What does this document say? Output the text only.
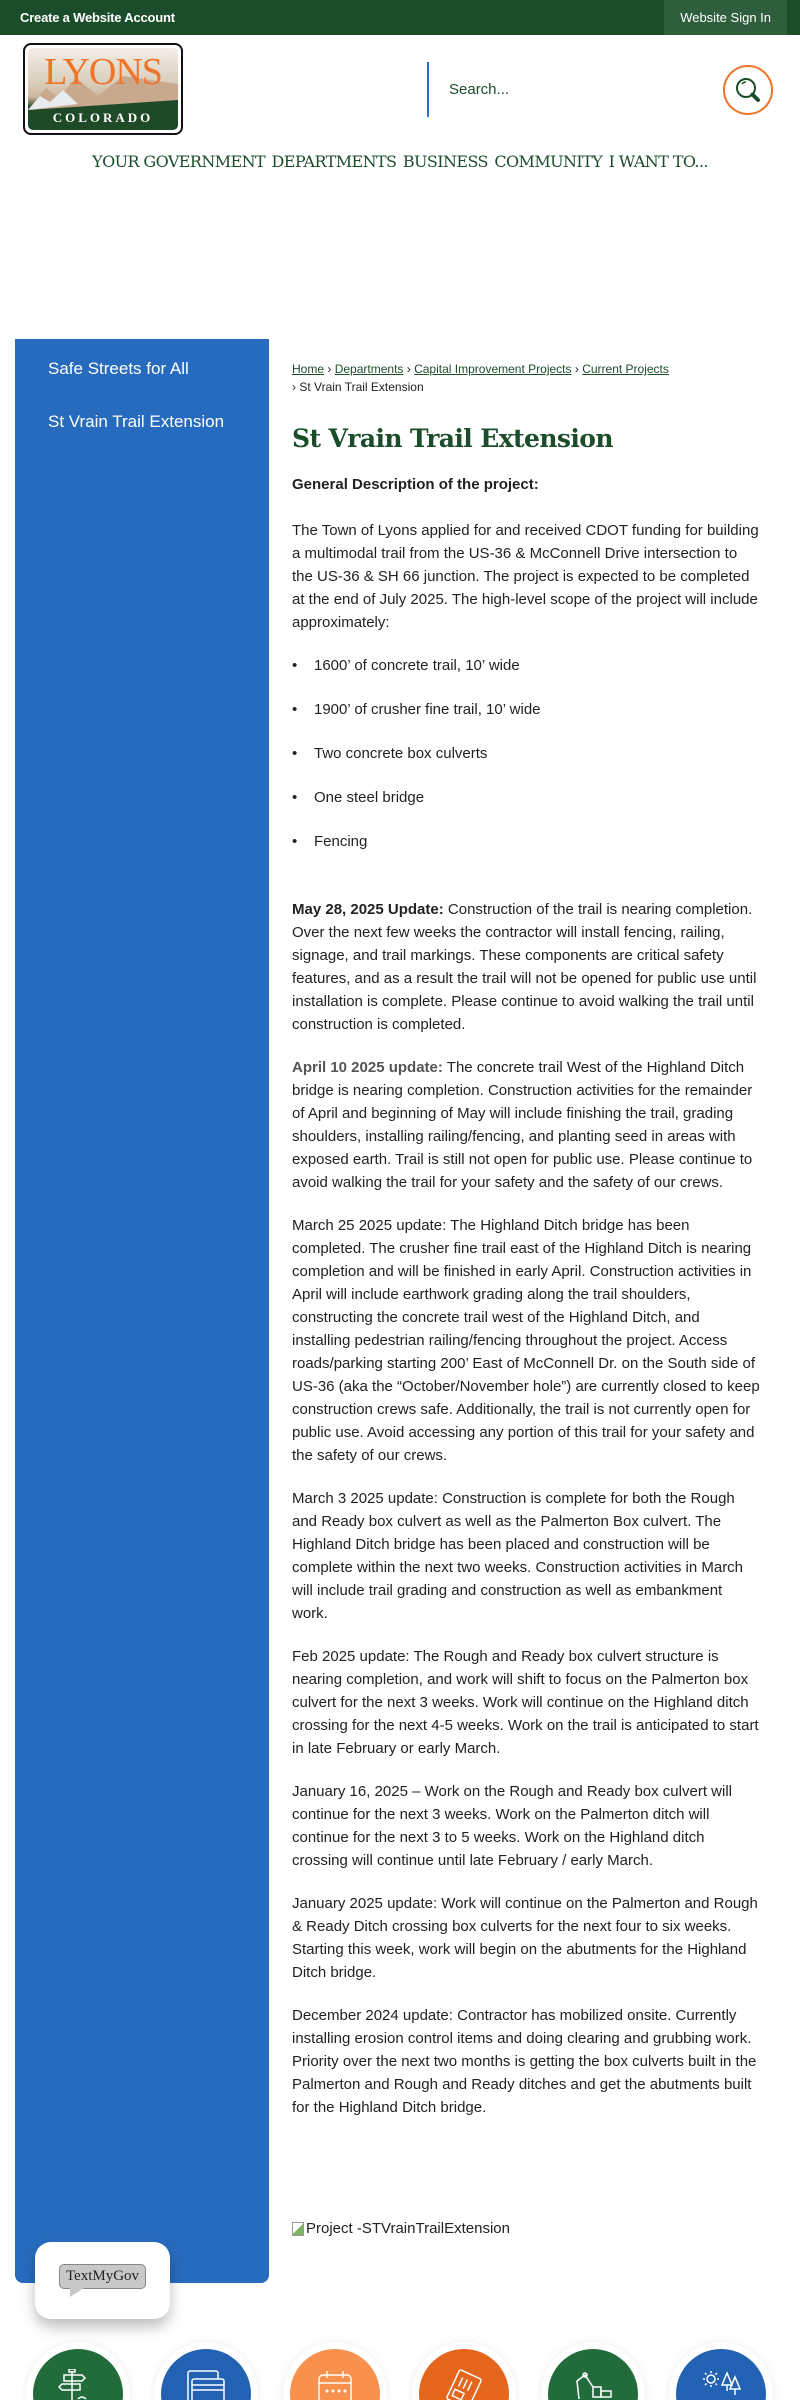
Create a Website Account	Website Sign In
LYONS
COLORADO
Search...
YOUR GOVERNMENT DEPARTMENTS BUSINESS COMMUNITY I WANT TO...
Safe Streets for All
St Vrain Trail Extension
Home › Departments › Capital Improvement Projects › Current Projects
› St Vrain Trail Extension
St Vrain Trail Extension
General Description of the project:

The Town of Lyons applied for and received CDOT funding for building a multimodal trail from the US-36 & McConnell Drive intersection to the US-36 & SH 66 junction. The project is expected to be completed at the end of July 2025. The high-level scope of the project will include approximately:

•	1600’ of concrete trail, 10’ wide
•	1900’ of crusher fine trail, 10’ wide
•	Two concrete box culverts
•	One steel bridge
•	Fencing

May 28, 2025 Update: Construction of the trail is nearing completion. Over the next few weeks the contractor will install fencing, railing, signage, and trail markings. These components are critical safety features, and as a result the trail will not be opened for public use until installation is complete. Please continue to avoid walking the trail until construction is completed.

April 10 2025 update: The concrete trail West of the Highland Ditch bridge is nearing completion. Construction activities for the remainder of April and beginning of May will include finishing the trail, grading shoulders, installing railing/fencing, and planting seed in areas with exposed earth. Trail is still not open for public use. Please continue to avoid walking the trail for your safety and the safety of our crews.

March 25 2025 update: The Highland Ditch bridge has been completed. The crusher fine trail east of the Highland Ditch is nearing completion and will be finished in early April. Construction activities in April will include earthwork grading along the trail shoulders, constructing the concrete trail west of the Highland Ditch, and installing pedestrian railing/fencing throughout the project. Access roads/parking starting 200’ East of McConnell Dr. on the South side of US-36 (aka the “October/November hole”) are currently closed to keep construction crews safe. Additionally, the trail is not currently open for public use. Avoid accessing any portion of this trail for your safety and the safety of our crews.

March 3 2025 update: Construction is complete for both the Rough and Ready box culvert as well as the Palmerton Box culvert. The Highland Ditch bridge has been placed and construction will be complete within the next two weeks. Construction activities in March will include trail grading and construction as well as embankment work.

Feb 2025 update: The Rough and Ready box culvert structure is nearing completion, and work will shift to focus on the Palmerton box culvert for the next 3 weeks. Work will continue on the Highland ditch crossing for the next 4-5 weeks. Work on the trail is anticipated to start in late February or early March.

January 16, 2025 – Work on the Rough and Ready box culvert will continue for the next 3 weeks. Work on the Palmerton ditch will continue for the next 3 to 5 weeks. Work on the Highland ditch crossing will continue until late February / early March.

January 2025 update: Work will continue on the Palmerton and Rough & Ready Ditch crossing box culverts for the next four to six weeks. Starting this week, work will begin on the abutments for the Highland Ditch bridge.

December 2024 update: Contractor has mobilized onsite. Currently installing erosion control items and doing clearing and grubbing work. Priority over the next two months is getting the box culverts built in the Palmerton and Rough and Ready ditches and get the abutments built for the Highland Ditch bridge.

Project -STVrainTrailExtension
TextMyGov
